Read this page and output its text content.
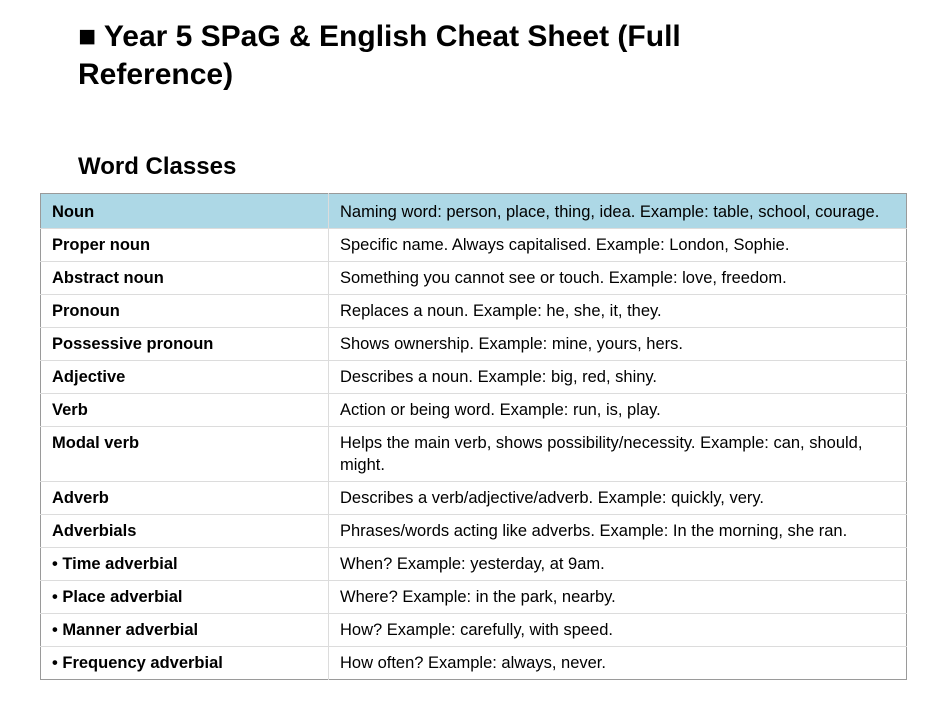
■ Year 5 SPaG & English Cheat Sheet (Full Reference)
Word Classes
Noun	Naming word: person, place, thing, idea. Example: table, school, courage.
Proper noun	Specific name. Always capitalised. Example: London, Sophie.
Abstract noun	Something you cannot see or touch. Example: love, freedom.
Pronoun	Replaces a noun. Example: he, she, it, they.
Possessive pronoun	Shows ownership. Example: mine, yours, hers.
Adjective	Describes a noun. Example: big, red, shiny.
Verb	Action or being word. Example: run, is, play.
Modal verb	Helps the main verb, shows possibility/necessity. Example: can, should, might.
Adverb	Describes a verb/adjective/adverb. Example: quickly, very.
Adverbials	Phrases/words acting like adverbs. Example: In the morning, she ran.
• Time adverbial	When? Example: yesterday, at 9am.
• Place adverbial	Where? Example: in the park, nearby.
• Manner adverbial	How? Example: carefully, with speed.
• Frequency adverbial	How often? Example: always, never.
